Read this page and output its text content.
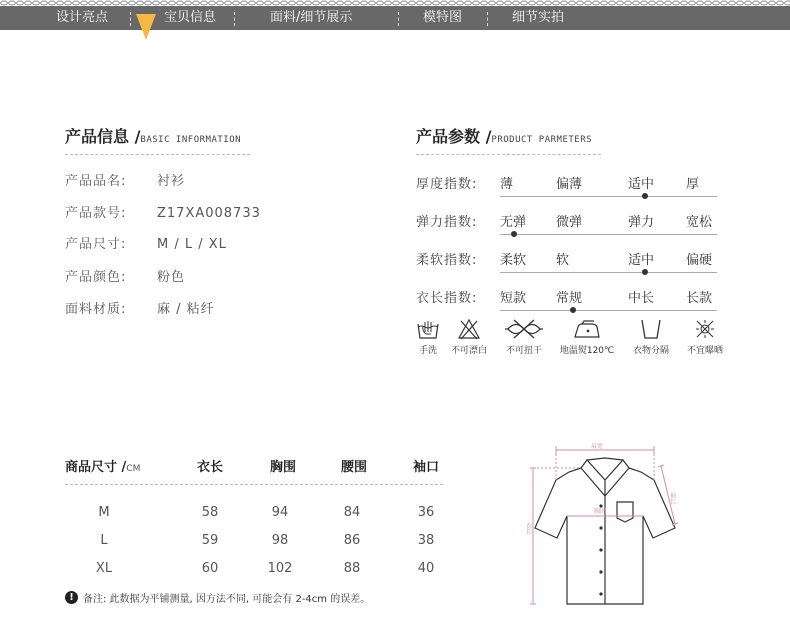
设计亮点	宝贝信息	面料/细节展示	模特图	细节实拍
产品信息 /BASIC INFORMATION
产品品名: 衬衫
产品款号: Z17XA008733
产品尺寸: M / L / XL
产品颜色: 粉色
面料材质: 麻 / 粘纤
产品参数 /PRODUCT PARMETERS
厚度指数: 薄	偏薄	适中 厚
弹力指数: 无弹 微弹	弹力 宽松
柔软指数: 柔软 软	适中 偏硬
衣长指数: 短款 常规	中长 长款
手洗	不可漂白	不可扭干	地温熨120℃	衣物分隔	不宜曝晒
商品尺寸 /CM	衣长	胸围	腰围	袖口
M	58	94	84	36
L	59	98	86	38
XL	60	102	88	40
! 备注: 此数据为平铺测量, 因方法不同, 可能会有 2-4cm 的误差。
肩宽
胸围
袖长
衣长
